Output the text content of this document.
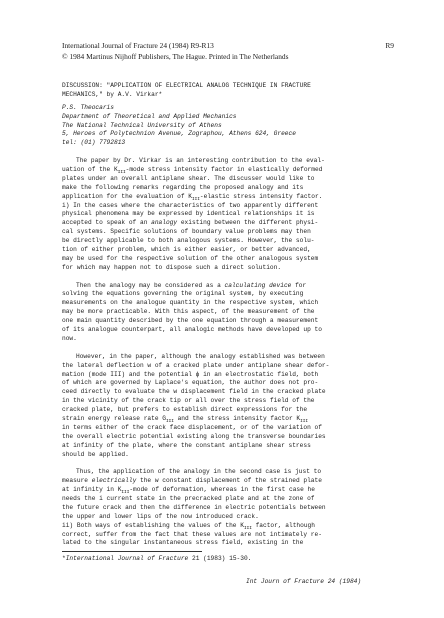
International Journal of Fracture 24 (1984) R9-R13	R9
© 1984 Martinus Nijhoff Publishers, The Hague. Printed in The Netherlands
DISCUSSION: "APPLICATION OF ELECTRICAL ANALOG TECHNIQUE IN FRACTURE
MECHANICS," by A.V. Virkar*
P.S. Theocaris
Department of Theoretical and Applied Mechanics
The National Technical University of Athens
5, Heroes of Polytechnion Avenue, Zographou, Athens 624, Greece
tel: (01) 7792813
The paper by Dr. Virkar is an interesting contribution to the eval-
uation of the $K_{III}$-mode stress intensity factor in elastically deformed
plates under an overall antiplane shear. The discusser would like to
make the following remarks regarding the proposed analogy and its
application for the evaluation of $K_{III}$-elastic stress intensity factor.
i) In the cases where the characteristics of two apparently different
physical phenomena may be expressed by identical relationships it is
accepted to speak of an analogy existing between the different physi-
cal systems. Specific solutions of boundary value problems may then
be directly applicable to both analogous systems. However, the solu-
tion of either problem, which is either easier, or better advanced,
may be used for the respective solution of the other analogous system
for which may happen not to dispose such a direct solution.
Then the analogy may be considered as a calculating device for
solving the equations governing the original system, by executing
measurements on the analogue quantity in the respective system, which
may be more practicable. With this aspect, of the measurement of the
one main quantity described by the one equation through a measurement
of its analogue counterpart, all analogic methods have developed up to
now.
However, in the paper, although the analogy established was between
the lateral deflection w of a cracked plate under antiplane shear defor-
mation (mode III) and the potential ϕ in an electrostatic field, both
of which are governed by Laplace's equation, the author does not pro-
ceed directly to evaluate the w displacement field in the cracked plate
in the vicinity of the crack tip or all over the stress field of the
cracked plate, but prefers to establish direct expressions for the
strain energy release rate $G_{III}$ and the stress intensity factor $K_{III}$
in terms either of the crack face displacement, or of the variation of
the overall electric potential existing along the transverse boundaries
at infinity of the plate, where the constant antiplane shear stress
should be applied.
Thus, the application of the analogy in the second case is just to
measure electrically the w constant displacement of the strained plate
at infinity in $K_{III}$-mode of deformation, whereas in the first case he
needs the i current state in the precracked plate and at the zone of
the future crack and then the difference in electric potentials between
the upper and lower lips of the now introduced crack.
ii) Both ways of establishing the values of the $K_{III}$ factor, although
correct, suffer from the fact that these values are not intimately re-
lated to the singular instantaneous stress field, existing in the
*International Journal of Fracture 21 (1983) 15-30.
Int Journ of Fracture 24 (1984)
